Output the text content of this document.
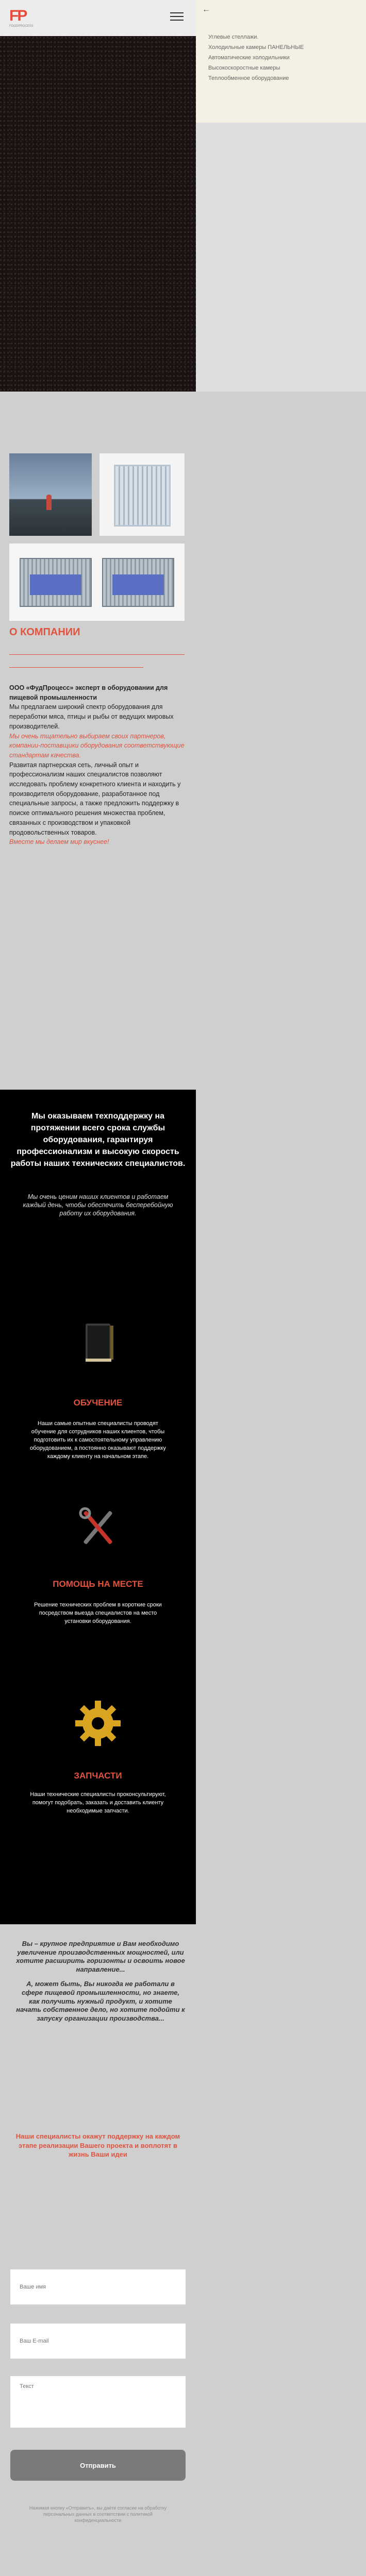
FP
FOODPROCESS
←
Углевые стеллажи.
Холодильные камеры ПАНЕЛЬНЫЕ
Автоматические холодильники
Высокоскоростные камеры
Теплообменное оборудование
О КОМПАНИИ

ООО «ФудПроцесс» эксперт в оборудовании для пищевой промышленности

Мы предлагаем широкий спектр оборудования для переработки мяса, птицы и рыбы от ведущих мировых производителей.

Мы очень тщательно выбираем своих партнеров, компании-поставщики оборудования соответствующие стандартам качества.

Развитая партнерская сеть, личный опыт и профессионализм наших специалистов позволяют исследовать проблему конкретного клиента и находить у производителя оборудование, разработанное под специальные запросы, а также предложить поддержку в поиске оптимального решения множества проблем, связанных с производством и упаковкой продовольственных товаров.

Вместе мы делаем мир вкуснее!

Мы оказываем техподдержку на протяжении всего срока службы оборудования, гарантируя профессионализм и высокую скорость работы наших технических специалистов.
Мы очень ценим наших клиентов и работаем каждый день, чтобы обеспечить бесперебойную работу их оборудования.
ОБУЧЕНИЕ
Наши самые опытные специалисты проводят обучение для сотрудников наших клиентов, чтобы подготовить их к самостоятельному управлению оборудованием, а постоянно оказывают поддержку каждому клиенту на начальном этапе.
ПОМОЩЬ НА МЕСТЕ
Решение технических проблем в короткие сроки посредством выезда специалистов на место установки оборудования.
ЗАПЧАСТИ
Наши технические специалисты проконсультируют, помогут подобрать, заказать и доставить клиенту необходимые запчасти.

Вы – крупное предприятие и Вам необходимо увеличение производственных мощностей, или хотите расширить горизонты и освоить новое направление...

А, может быть, Вы никогда не работали в сфере пищевой промышленности, но знаете, как получить нужный продукт, и хотите начать собственное дело, но хотите подойти к запуску организации производства...

Наши специалисты окажут поддержку на каждом этапе реализации Вашего проекта и воплотят в жизнь Ваши идеи
Ваше имя
Ваш E-mail
Текст
Отправить
Нажимая кнопку «Отправить», вы даёте согласие на обработку персональных данных в соответствии с политикой конфиденциальности
